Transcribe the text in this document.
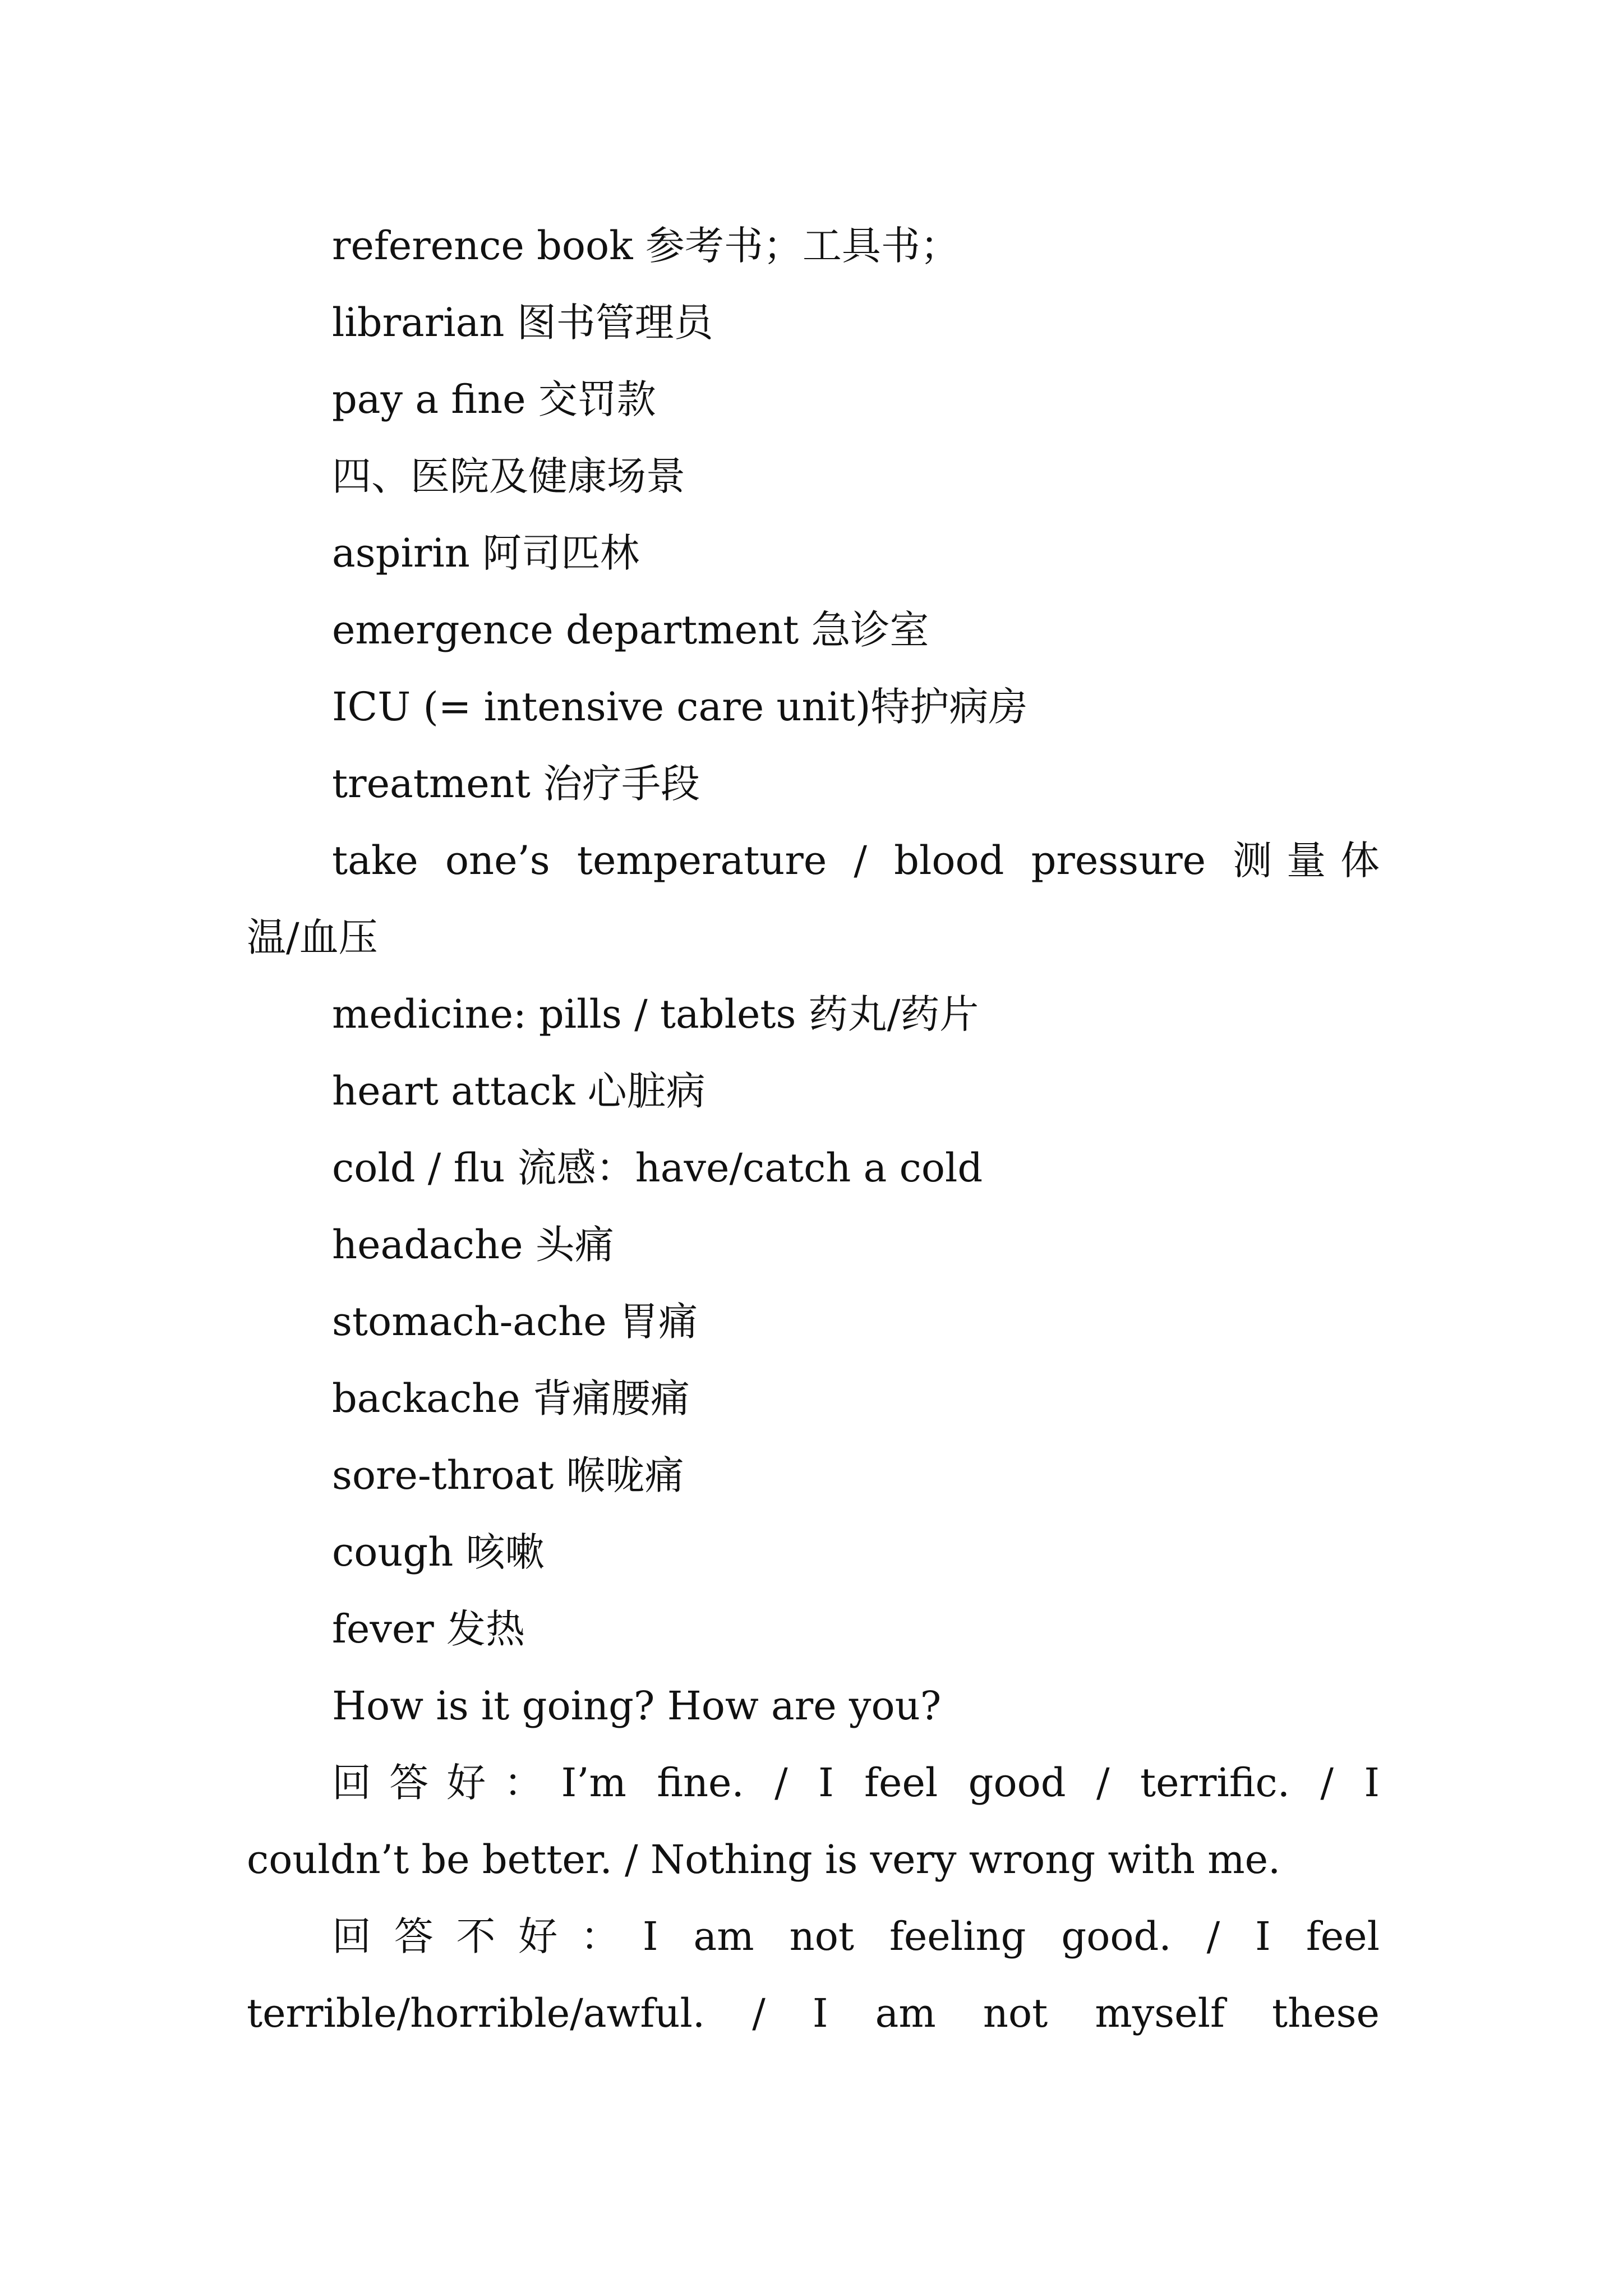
reference book 参考书；工具书；

librarian 图书管理员

pay a fine 交罚款

四、医院及健康场景

aspirin 阿司匹林

emergence department 急诊室

ICU (= intensive care unit)特护病房

treatment 治疗手段

take one’s temperature / blood pressure 测量体

温/血压

medicine: pills / tablets 药丸/药片

heart attack 心脏病

cold / flu 流感：have/catch a cold

headache 头痛

stomach-ache 胃痛

backache 背痛腰痛

sore-throat 喉咙痛

cough 咳嗽

fever 发热

How is it going? How are you?

回答好：I’m fine. / I feel good / terrific. / I

couldn’t be better. / Nothing is very wrong with me.

回答不好：I am not feeling good. / I feel

terrible/horrible/awful. / I am not myself these
